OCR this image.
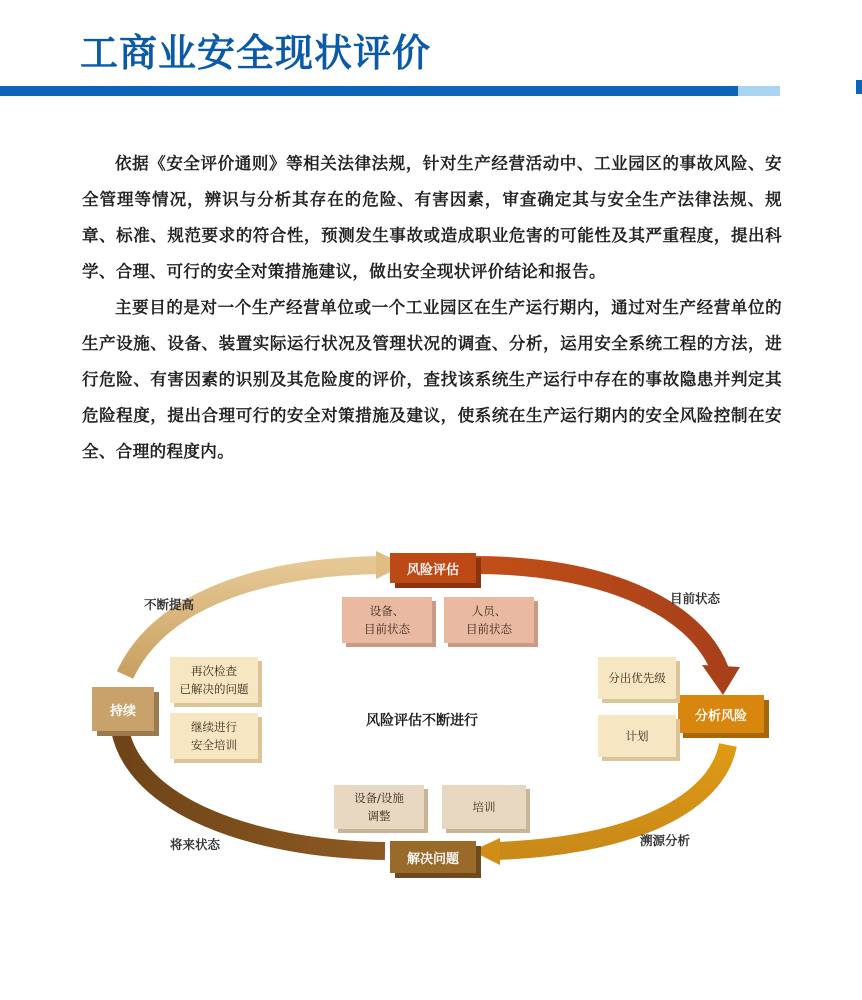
工商业安全现状评价

依据《安全评价通则》等相关法律法规，针对生产经营活动中、工业园区的事故风险、安全管理等情况，辨识与分析其存在的危险、有害因素，审查确定其与安全生产法律法规、规章、标准、规范要求的符合性，预测发生事故或造成职业危害的可能性及其严重程度，提出科学、合理、可行的安全对策措施建议，做出安全现状评价结论和报告。

主要目的是对一个生产经营单位或一个工业园区在生产运行期内，通过对生产经营单位的生产设施、设备、装置实际运行状况及管理状况的调查、分析，运用安全系统工程的方法，进行危险、有害因素的识别及其危险度的评价，查找该系统生产运行中存在的事故隐患并判定其危险程度，提出合理可行的安全对策措施及建议，使系统在生产运行期内的安全风险控制在安全、合理的程度内。

风险评估
分析风险
解决问题
持续
设备、
目前状态
人员、
目前状态
分出优先级
计划
设备/设施
调整
培训
再次检查
已解决的问题
继续进行
安全培训
目前状态
溯源分析
将来状态
不断提高
风险评估不断进行
